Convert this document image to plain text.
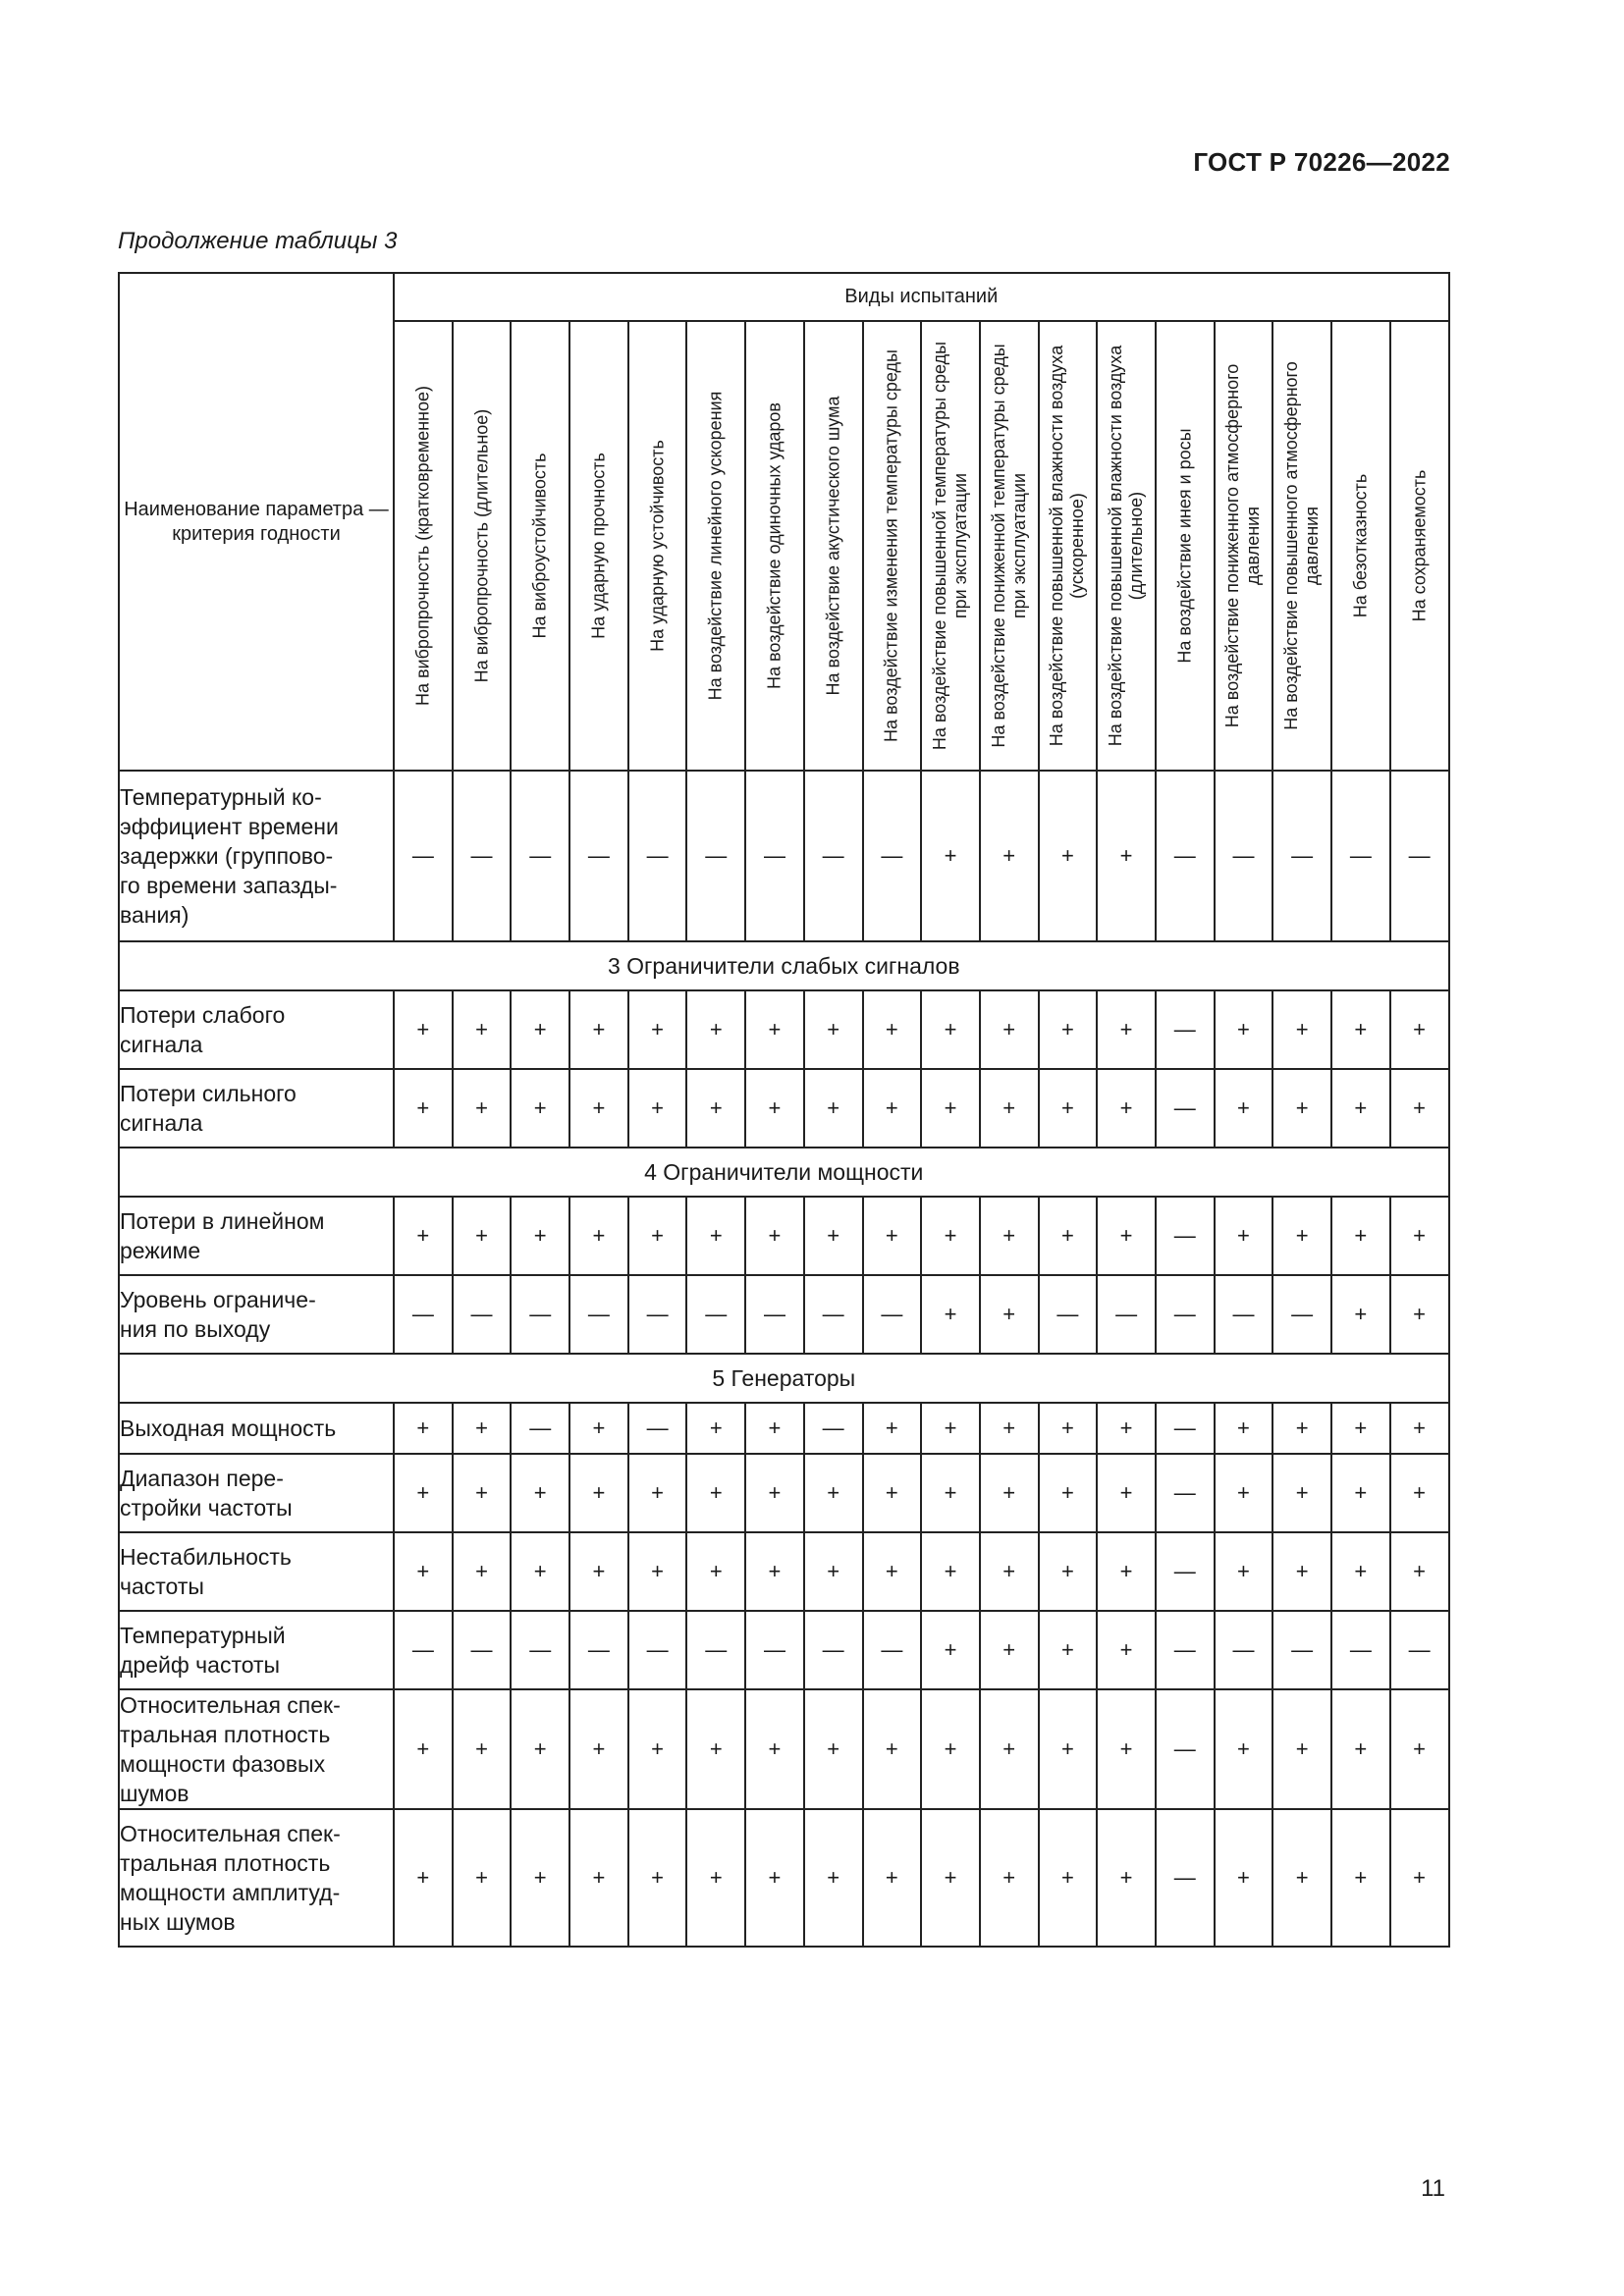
ГОСТ Р 70226—2022
Продолжение таблицы 3
Наименование параметра — критерия годности	Виды испытаний																	

	На вибропрочность (кратковременное)	На вибропрочность (длительное)	На виброустойчивость	На ударную прочность	На ударную устойчивость	На воздействие линейного ускорения	На воздействие одиночных ударов	На воздействие акустического шума	На воздействие изменения температуры среды	На воздействие повышенной температуры среды при эксплуатации	На воздействие пониженной температуры среды при эксплуатации	На воздействие повышенной влажности воздуха (ускоренное)	На воздействие повышенной влажности воздуха (длительное)	На воздействие инея и росы	На воздействие пониженного атмосферного давления	На воздействие повышенного атмосферного давления	На безотказность	На сохраняемость

Температурный ко-
эффициент времени
задержки (группово-
го времени запазды-
вания)	—	—	—	—	—	—	—	—	—	+	+	+	+	—	—	—	—	—
3 Ограничители слабых сигналов																		
Потери слабого
сигнала	+	+	+	+	+	+	+	+	+	+	+	+	+	—	+	+	+	+
Потери сильного
сигнала	+	+	+	+	+	+	+	+	+	+	+	+	+	—	+	+	+	+
4 Ограничители мощности																		
Потери в линейном
режиме	+	+	+	+	+	+	+	+	+	+	+	+	+	—	+	+	+	+
Уровень ограниче-
ния по выходу	—	—	—	—	—	—	—	—	—	+	+	—	—	—	—	—	+	+
5 Генераторы																		
Выходная мощность	+	+	—	+	—	+	+	—	+	+	+	+	+	—	+	+	+	+
Диапазон пере-
стройки частоты	+	+	+	+	+	+	+	+	+	+	+	+	+	—	+	+	+	+
Нестабильность
частоты	+	+	+	+	+	+	+	+	+	+	+	+	+	—	+	+	+	+
Температурный
дрейф частоты	—	—	—	—	—	—	—	—	—	+	+	+	+	—	—	—	—	—
Относительная спек-
тральная плотность
мощности фазовых
шумов	+	+	+	+	+	+	+	+	+	+	+	+	+	—	+	+	+	+
Относительная спек-
тральная плотность
мощности амплитуд-
ных шумов	+	+	+	+	+	+	+	+	+	+	+	+	+	—	+	+	+	+
11
